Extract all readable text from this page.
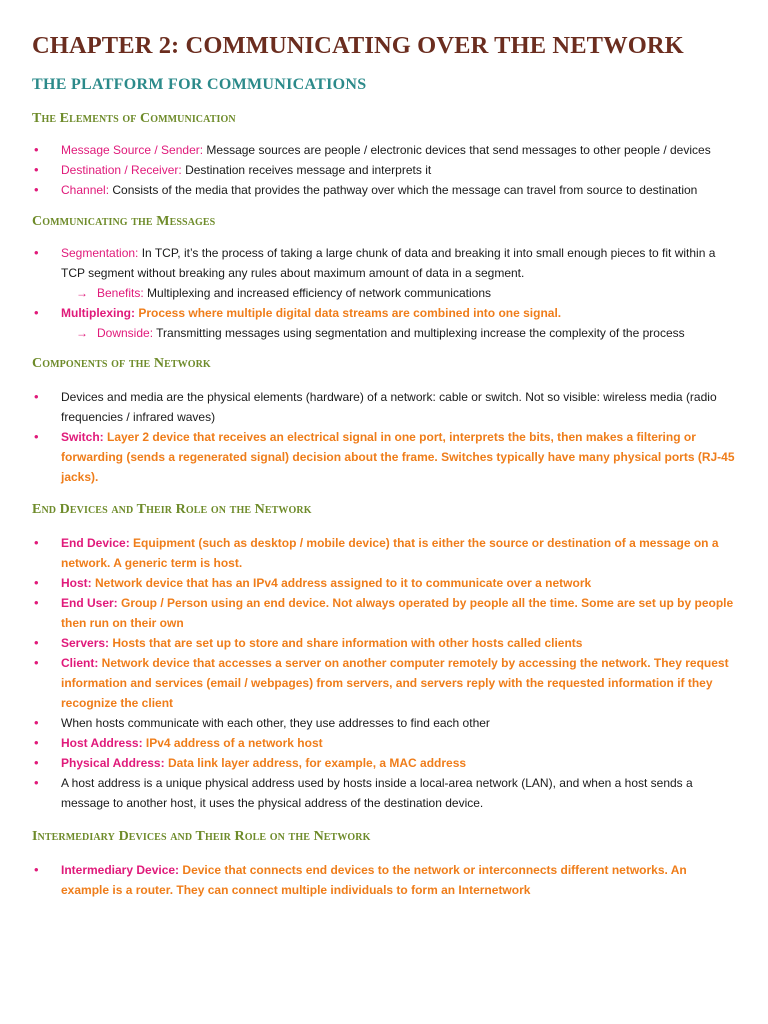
CHAPTER 2: COMMUNICATING OVER THE NETWORK
THE PLATFORM FOR COMMUNICATIONS
The Elements of Communication
• Message Source / Sender: Message sources are people / electronic devices that send messages to other people / devices
• Destination / Receiver: Destination receives message and interprets it
• Channel: Consists of the media that provides the pathway over which the message can travel from source to destination
Communicating the Messages
• Segmentation: In TCP, it’s the process of taking a large chunk of data and breaking it into small enough pieces to fit within a TCP segment without breaking any rules about maximum amount of data in a segment.
→ Benefits: Multiplexing and increased efficiency of network communications
• Multiplexing: Process where multiple digital data streams are combined into one signal.
→ Downside: Transmitting messages using segmentation and multiplexing increase the complexity of the process
Components of the Network
• Devices and media are the physical elements (hardware) of a network: cable or switch. Not so visible: wireless media (radio frequencies / infrared waves)
• Switch: Layer 2 device that receives an electrical signal in one port, interprets the bits, then makes a filtering or forwarding (sends a regenerated signal) decision about the frame. Switches typically have many physical ports (RJ-45 jacks).
End Devices and Their Role on the Network
• End Device: Equipment (such as desktop / mobile device) that is either the source or destination of a message on a network. A generic term is host.
• Host: Network device that has an IPv4 address assigned to it to communicate over a network
• End User: Group / Person using an end device. Not always operated by people all the time. Some are set up by people then run on their own
• Servers: Hosts that are set up to store and share information with other hosts called clients
• Client: Network device that accesses a server on another computer remotely by accessing the network. They request information and services (email / webpages) from servers, and servers reply with the requested information if they recognize the client
• When hosts communicate with each other, they use addresses to find each other
• Host Address: IPv4 address of a network host
• Physical Address: Data link layer address, for example, a MAC address
• A host address is a unique physical address used by hosts inside a local-area network (LAN), and when a host sends a message to another host, it uses the physical address of the destination device.
Intermediary Devices and Their Role on the Network
• Intermediary Device: Device that connects end devices to the network or interconnects different networks. An example is a router. They can connect multiple individuals to form an Internetwork
